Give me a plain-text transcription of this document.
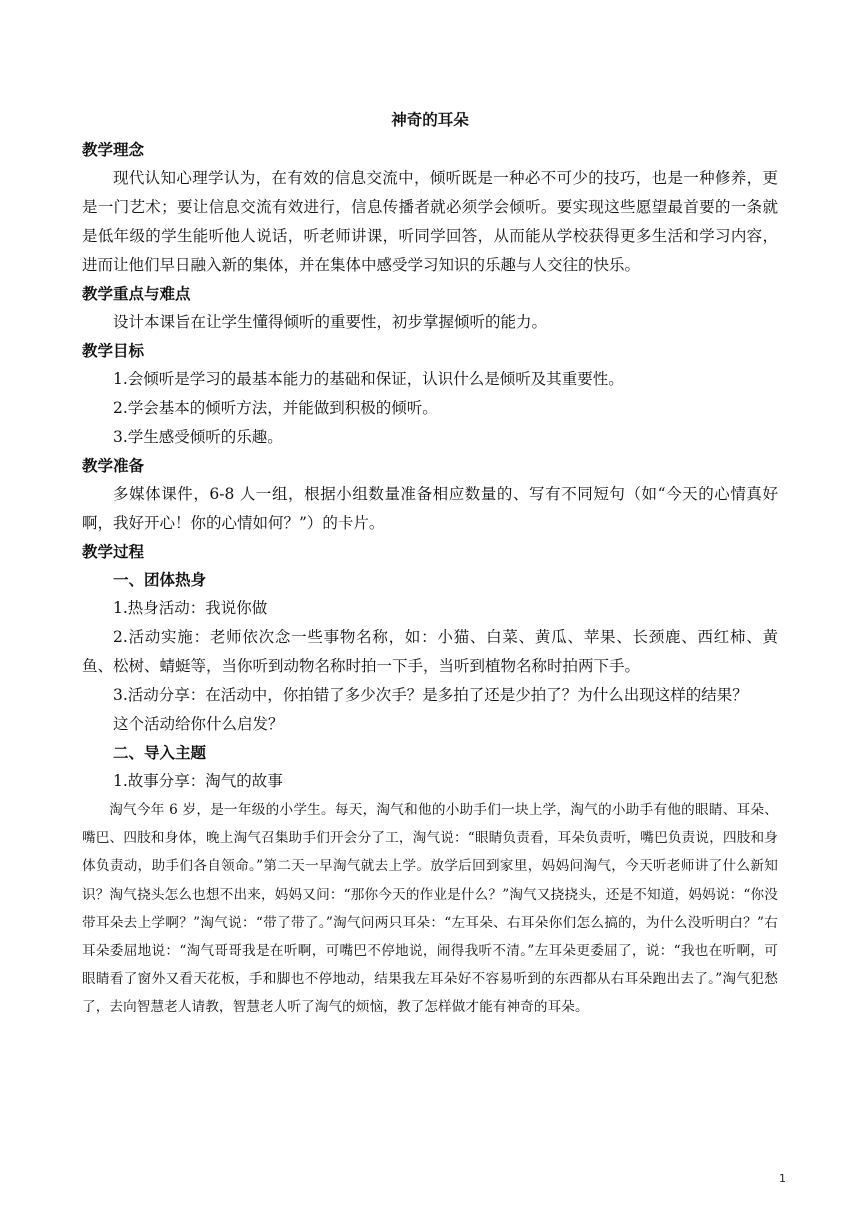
神奇的耳朵
教学理念

现代认知心理学认为，在有效的信息交流中，倾听既是一种必不可少的技巧，也是一种修养，更是一门艺术；要让信息交流有效进行，信息传播者就必须学会倾听。要实现这些愿望最首要的一条就是低年级的学生能听他人说话，听老师讲课，听同学回答，从而能从学校获得更多生活和学习内容，进而让他们早日融入新的集体，并在集体中感受学习知识的乐趣与人交往的快乐。

教学重点与难点

设计本课旨在让学生懂得倾听的重要性，初步掌握倾听的能力。

教学目标

1.会倾听是学习的最基本能力的基础和保证，认识什么是倾听及其重要性。

2.学会基本的倾听方法，并能做到积极的倾听。

3.学生感受倾听的乐趣。

教学准备

多媒体课件，6-8 人一组，根据小组数量准备相应数量的、写有不同短句（如“今天的心情真好啊，我好开心！你的心情如何？”）的卡片。

教学过程

一、团体热身

1.热身活动：我说你做

2.活动实施：老师依次念一些事物名称，如：小猫、白菜、黄瓜、苹果、长颈鹿、西红柿、黄鱼、松树、蜻蜓等，当你听到动物名称时拍一下手，当听到植物名称时拍两下手。

3.活动分享：在活动中，你拍错了多少次手？是多拍了还是少拍了？为什么出现这样的结果？

这个活动给你什么启发？

二、导入主题

1.故事分享：淘气的故事

淘气今年 6 岁，是一年级的小学生。每天，淘气和他的小助手们一块上学，淘气的小助手有他的眼睛、耳朵、嘴巴、四肢和身体，晚上淘气召集助手们开会分了工，淘气说：“眼睛负责看，耳朵负责听，嘴巴负责说，四肢和身体负责动，助手们各自领命。”第二天一早淘气就去上学。放学后回到家里，妈妈问淘气，今天听老师讲了什么新知识？淘气挠头怎么也想不出来，妈妈又问：“那你今天的作业是什么？”淘气又挠挠头，还是不知道，妈妈说：“你没带耳朵去上学啊？”淘气说：“带了带了。”淘气问两只耳朵：“左耳朵、右耳朵你们怎么搞的，为什么没听明白？”右耳朵委屈地说：“淘气哥哥我是在听啊，可嘴巴不停地说，闹得我听不清。”左耳朵更委屈了，说：“我也在听啊，可眼睛看了窗外又看天花板，手和脚也不停地动，结果我左耳朵好不容易听到的东西都从右耳朵跑出去了。”淘气犯愁了，去向智慧老人请教，智慧老人听了淘气的烦恼，教了怎样做才能有神奇的耳朵。

1
